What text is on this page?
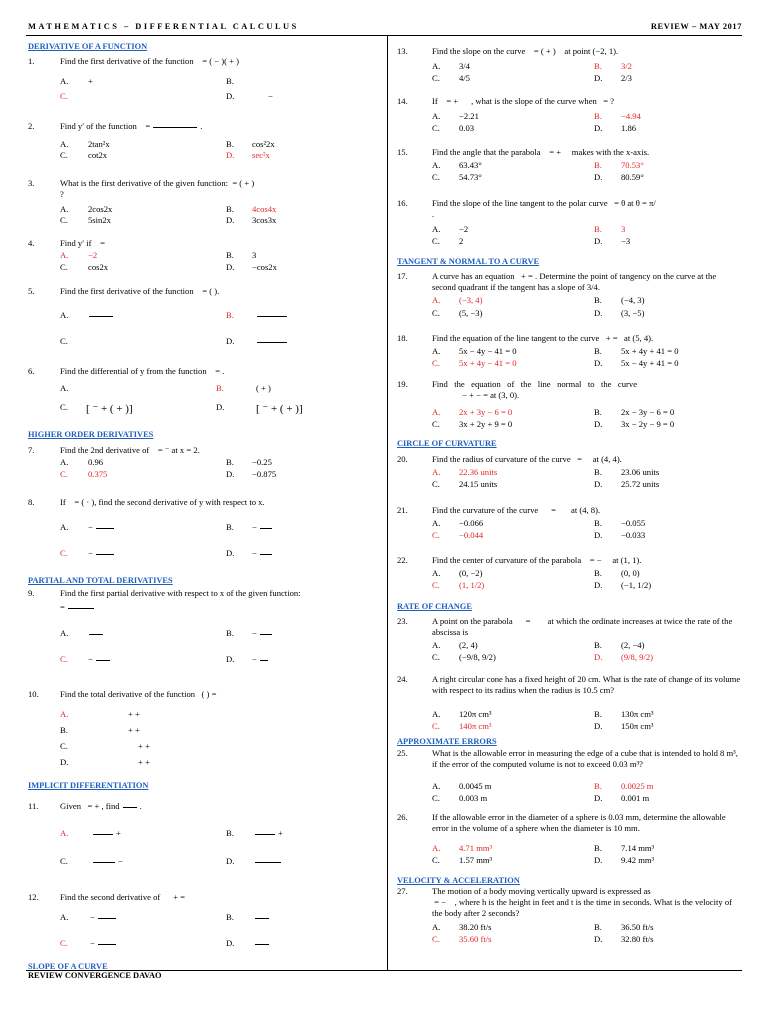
MATHEMATICS – DIFFERENTIAL CALCULUS	REVIEW – MAY 2017
DERIVATIVE OF A FUNCTION
1.	Find the first derivative of the function = ( − )( + )
A.	+	B.
C.	D.	−
2.	Find y′ of the function =	.
A.	2tan²x	B.	cos²2x
C.	cot2x	D.	sec²x
3.	What is the first derivative of the given function: = ( + )
?
A.	2cos2x	B.	4cos4x
C.	5sin2x	D.	3cos3x
4.	Find y′ if =
A.	−2	B.	3
C.	cos2x	D.	−cos2x
5.	Find the first derivative of the function = ( ).
A.	B.
C.	D.
6.	Find the differential of y from the function = .
A.	B.	( + )
C.	[ ⁻ + ( + )]	D.	[ ⁻ + ( + )]
HIGHER ORDER DERIVATIVES
7.	Find the 2nd derivative of = ⁻ at x = 2.
A.	0.96	B.	−0.25
C.	0.375	D.	−0.875
8.	If = ( · ), find the second derivative of y with respect to x.
A.	−	B.	−
C.	−	D.	−
PARTIAL AND TOTAL DERIVATIVES
9.	Find the first partial derivative with respect to x of the given function:
=
A.	B.	−
C.	−	D.	−
10.	Find the total derivative of the function ( ) =
A.	+ +
B.	+ +
C.	+ +
D.	+ +
IMPLICIT DIFFERENTIATION
11.	Given = + , find .
A.	+	B.	+
C.	−	D.
12.	Find the second derivative of + =
A.	−	B.
C.	−	D.
SLOPE OF A CURVE
13.	Find the slope on the curve = ( + ) at point (−2, 1).
A.	3/4	B.	3/2
C.	4/5	D.	2/3
14.	If = + , what is the slope of the curve when = ?
A.	−2.21	B.	−4.94
C.	0.03	D.	1.86
15.	Find the angle that the parabola = + makes with the x-axis.
A.	63.43°	B.	70.53°
C.	54.73°	D.	80.59°
16.	Find the slope of the line tangent to the polar curve = θ at θ = π/
.
A.	−2	B.	3
C.	2	D.	−3
TANGENT & NORMAL TO A CURVE
17.	A curve has an equation + = . Determine the point of tangency on the curve at the second quadrant if the tangent has a slope of 3/4.
A.	(−3, 4)	B.	(−4, 3)
C.	(5, −3)	D.	(3, −5)
18.	Find the equation of the line tangent to the curve + = at (5, 4).
A.	5x − 4y − 41 = 0	B.	5x + 4y + 41 = 0
C.	5x + 4y − 41 = 0	D.	5x − 4y + 41 = 0
19.	Find   the   equation   of   the   line   normal   to   the   curve
− + − = at (3, 0).
A.	2x + 3y − 6 = 0	B.	2x − 3y − 6 = 0
C.	3x + 2y + 9 = 0	D.	3x − 2y − 9 = 0
CIRCLE OF CURVATURE
20.	Find the radius of curvature of the curve = at (4, 4).
A.	22.36 units	B.	23.06 units
C.	24.15 units	D.	25.72 units
21.	Find the curvature of the curve = at (4, 8).
A.	−0.066	B.	−0.055
C.	−0.044	D.	−0.033
22.	Find the center of curvature of the parabola = − at (1, 1).
A.	(0, −2)	B.	(0, 0)
C.	(1, 1/2)	D.	(−1, 1/2)
RATE OF CHANGE
23.	A point on the parabola = at which the ordinate increases at twice the rate of the abscissa is
A.	(2, 4)	B.	(2, −4)
C.	(−9/8, 9/2)	D.	(9/8, 9/2)
24.	A right circular cone has a fixed height of 20 cm. What is the rate of change of its volume with respect to its radius when the radius is 10.5 cm?
A.	120π cm³	B.	130π cm³
C.	140π cm³	D.	150π cm³
APPROXIMATE ERRORS
25.	What is the allowable error in measuring the edge of a cube that is intended to hold 8 m³, if the error of the computed volume is not to exceed 0.03 m³?
A.	0.0045 m	B.	0.0025 m
C.	0.003 m	D.	0.001 m
26.	If the allowable error in the diameter of a sphere is 0.03 mm, determine the allowable error in the volume of a sphere when the diameter is 10 mm.
A.	4.71 mm³	B.	7.14 mm³
C.	1.57 mm³	D.	9.42 mm³
VELOCITY & ACCELERATION
27.	The motion of a body moving vertically upward is expressed as
= − , where h is the height in feet and t is the time in seconds. What is the velocity of the body after 2 seconds?
A.	38.20 ft/s	B.	36.50 ft/s
C.	35.60 ft/s	D.	32.80 ft/s
REVIEW CONVERGENCE DAVAO
